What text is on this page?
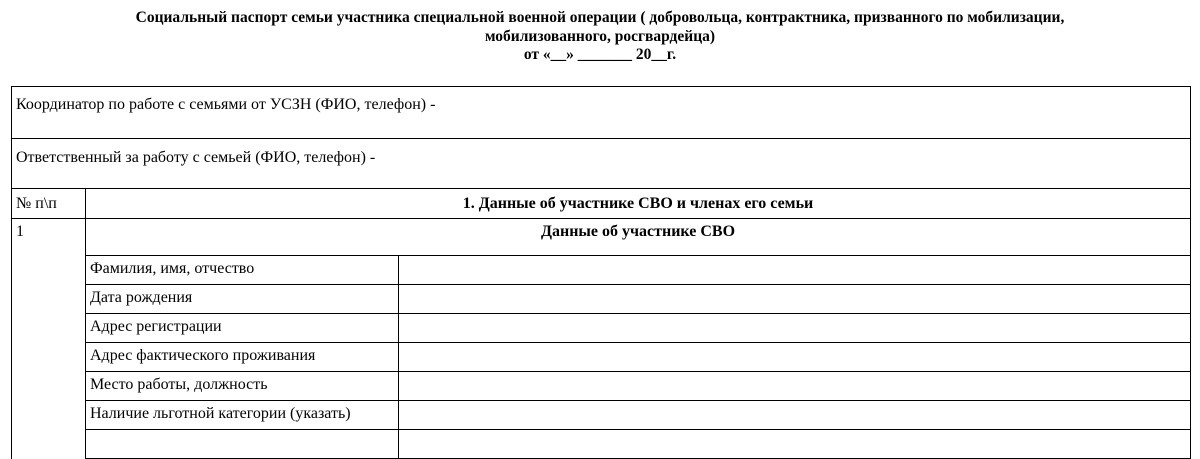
Социальный паспорт семьи участника специальной военной операции ( добровольца, контрактника, призванного по мобилизации,
мобилизованного, росгвардейца)
от «__» _______ 20__г.
Координатор по работе с семьями от УСЗН (ФИО, телефон) -		
Ответственный за работу с семьей (ФИО, телефон) -		
№ п\п	1. Данные об участнике СВО и членах его семьи	
1	Данные об участнике СВО	
	Фамилия, имя, отчество	
	Дата рождения	
	Адрес регистрации	
	Адрес фактического проживания	
	Место работы, должность	
	Наличие льготной категории (указать)	
